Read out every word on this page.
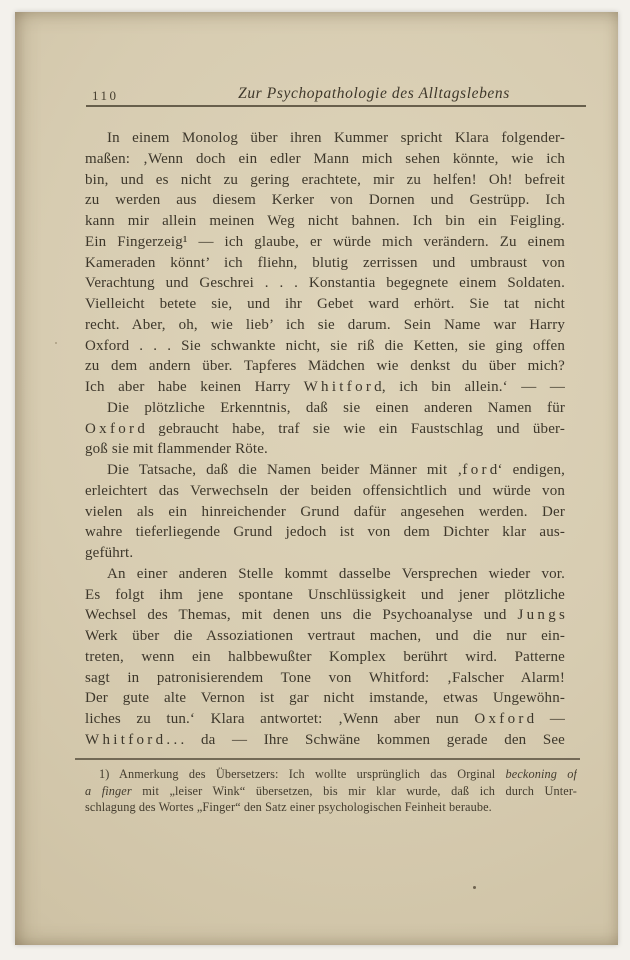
110	Zur Psychopathologie des Alltagslebens
In einem Monolog über ihren Kummer spricht Klara folgender-
maßen: ‚Wenn doch ein edler Mann mich sehen könnte, wie ich
bin, und es nicht zu gering erachtete, mir zu helfen! Oh! befreit
zu werden aus diesem Kerker von Dornen und Gestrüpp. Ich
kann mir allein meinen Weg nicht bahnen. Ich bin ein Feigling.
Ein Fingerzeig¹ — ich glaube, er würde mich verändern. Zu einem
Kameraden könnt’ ich fliehn, blutig zerrissen und umbraust von
Verachtung und Geschrei . . . Konstantia begegnete einem Soldaten.
Vielleicht betete sie, und ihr Gebet ward erhört. Sie tat nicht
recht. Aber, oh, wie lieb’ ich sie darum. Sein Name war Harry
Oxford . . . Sie schwankte nicht, sie riß die Ketten, sie ging offen
zu dem andern über. Tapferes Mädchen wie denkst du über mich?
Ich aber habe keinen Harry W h i t f o r d, ich bin allein.‘ — —
Die plötzliche Erkenntnis, daß sie einen anderen Namen für
O x f o r d gebraucht habe, traf sie wie ein Faustschlag und über-
goß sie mit flammender Röte.
Die Tatsache, daß die Namen beider Männer mit ‚f o r d‘ endigen,
erleichtert das Verwechseln der beiden offensichtlich und würde von
vielen als ein hinreichender Grund dafür angesehen werden. Der
wahre tieferliegende Grund jedoch ist von dem Dichter klar aus-
geführt.
An einer anderen Stelle kommt dasselbe Versprechen wieder vor.
Es folgt ihm jene spontane Unschlüssigkeit und jener plötzliche
Wechsel des Themas, mit denen uns die Psychoanalyse und J u n g s
Werk über die Assoziationen vertraut machen, und die nur ein-
treten, wenn ein halbbewußter Komplex berührt wird. Patterne
sagt in patronisierendem Tone von Whitford: ‚Falscher Alarm!
Der gute alte Vernon ist gar nicht imstande, etwas Ungewöhn-
liches zu tun.‘ Klara antwortet: ‚Wenn aber nun O x f o r d —
W h i t f o r d . . . da — Ihre Schwäne kommen gerade den See
1) Anmerkung des Übersetzers: Ich wollte ursprünglich das Orginal beckoning of
a finger mit „leiser Wink“ übersetzen, bis mir klar wurde, daß ich durch Unter-
schlagung des Wortes „Finger“ den Satz einer psychologischen Feinheit beraube.
